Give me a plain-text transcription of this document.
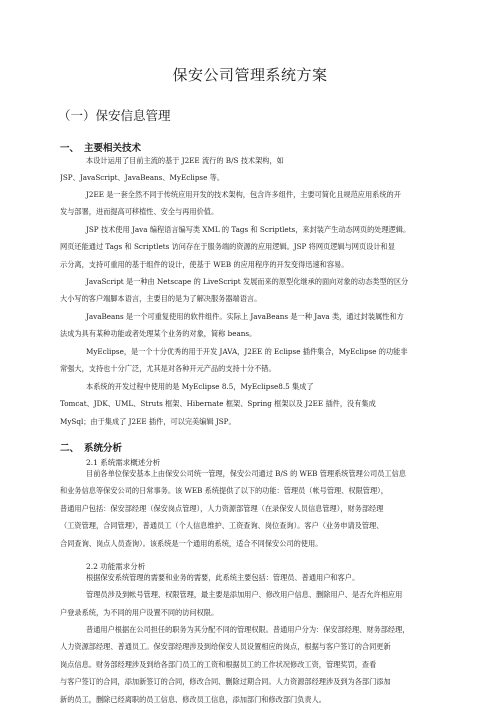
保安公司管理系统方案
（一）保安信息管理
一、 主要相关技术
本设计运用了目前主流的基于 J2EE 流行的 B/S 技术架构，如
JSP、JavaScript、JavaBeans、MyEclipse 等。
J2EE 是一套全然不同于传统应用开发的技术架构，包含许多组件，主要可简化且规范应用系统的开
发与部署，进而提高可移植性、安全与再用价值。
JSP 技术使用 Java 编程语言编写类 XML 的 Tags 和 Scriptlets，来封装产生动态网页的处理逻辑。
网页还能通过 Tags 和 Scriptlets 访问存在于服务端的资源的应用逻辑。JSP 将网页逻辑与网页设计和显
示分离，支持可重用的基于组件的设计，使基于 WEB 的应用程序的开发变得迅速和容易。
JavaScript 是一种由 Netscape 的 LiveScript 发展而来的原型化继承的面向对象的动态类型的区分
大小写的客户端脚本语言，主要目的是为了解决服务器端语言。
JavaBeans 是一个可重复使用的软件组件。实际上 JavaBeans 是一种 Java 类，通过封装属性和方
法成为具有某种功能或者处理某个业务的对象，简称 beans。
MyEclipse，是一个十分优秀的用于开发 JAVA，J2EE 的 Eclipse 插件集合，MyEclipse 的功能非
常强大，支持也十分广泛，尤其是对各种开元产品的支持十分不错。
本系统的开发过程中使用的是 MyEclipse 8.5，MyEclipse8.5 集成了
Tomcat、JDK、UML、Struts 框架、Hibernate 框架、Spring 框架以及 J2EE 插件，没有集成
MySql；由于集成了 J2EE 插件，可以完美编辑 JSP。
二、 系统分析
2.1 系统需求概述分析
目前各单位保安基本上由保安公司统一管理，保安公司通过 B/S 的 WEB 管理系统管理公司员工信息
和业务信息等保安公司的日常事务。该 WEB 系统提供了以下的功能：管理员（帐号管理、权限管理），
普通用户包括：保安部经理（保安岗点管理），人力资源部管理（在录保安人员信息管理），财务部经理
（工资管理，合同管理），普通员工（个人信息维护、工资查询、岗位查询）。客户（业务申请及管理、
合同查询、岗点人员查询）。该系统是一个通用的系统，适合不同保安公司的使用。
2.2 功能需求分析
根据保安系统管理的需要和业务的需要，此系统主要包括：管理员、普通用户和客户。
管理员涉及到帐号管理、权限管理，最主要是添加用户、修改用户信息、删除用户、是否允许相应用
户登录系统，为不同的用户设置不同的访问权限。
普通用户根据在公司担任的职务为其分配不同的管理权限。普通用户分为：保安部经理、财务部经理，
人力资源部经理、普通员工。保安部经理涉及到给保安人员设置相应的岗点，根据与客户签订的合同更新
岗点信息。财务部经理涉及到给各部门员工的工资和根据员工的工作状况修改工资，管理奖罚，查看
与客户签订的合同，添加新签订的合同，修改合同、删除过期合同。人力资源部经理涉及到为各部门添加
新的员工，删除已经离职的员工信息、修改员工信息，添加部门和修改部门负责人。
